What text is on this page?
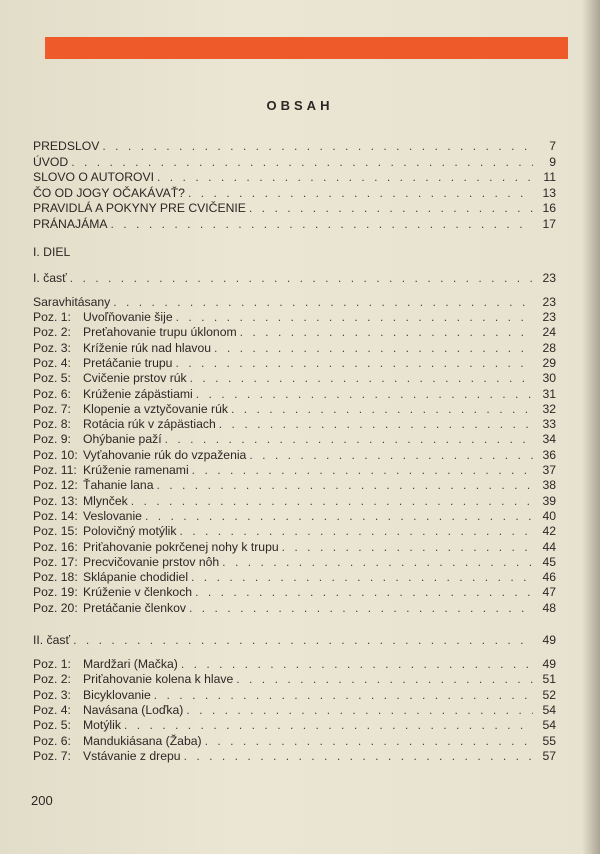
OBSAH
PREDSLOV . . .	7
ÚVOD . . .	9
SLOVO O AUTOROVI . . .	11
ČO OD JOGY OČAKÁVAŤ? . . .	13
PRAVIDLÁ A POKYNY PRE CVIČENIE . . .	16
PRÁNAJÁMA . . .	17
I. DIEL
I. časť . . .	23
Saravhitásany . . .	23
Poz. 1: Uvoľňovanie šije . . .	23
Poz. 2: Preťahovanie trupu úklonom . . .	24
Poz. 3: Kríženie rúk nad hlavou . . .	28
Poz. 4: Pretáčanie trupu . . .	29
Poz. 5: Cvičenie prstov rúk . . .	30
Poz. 6: Krúženie zápästiami . . .	31
Poz. 7: Klopenie a vztyčovanie rúk . . .	32
Poz. 8: Rotácia rúk v zápästiach . . .	33
Poz. 9: Ohýbanie paží . . .	34
Poz. 10: Vyťahovanie rúk do vzpaženia . . .	36
Poz. 11: Krúženie ramenami . . .	37
Poz. 12: Ťahanie lana . . .	38
Poz. 13: Mlynček . . .	39
Poz. 14: Veslovanie . . .	40
Poz. 15: Polovičný motýlik . . .	42
Poz. 16: Priťahovanie pokrčenej nohy k trupu . . .	44
Poz. 17: Precvičovanie prstov nôh . . .	45
Poz. 18: Sklápanie chodidiel . . .	46
Poz. 19: Krúženie v členkoch . . .	47
Poz. 20: Pretáčanie členkov . . .	48
II. časť . . .	49
Poz. 1: Mardžari (Mačka) . . .	49
Poz. 2: Priťahovanie kolena k hlave . . .	51
Poz. 3: Bicyklovanie . . .	52
Poz. 4: Navásana (Loďka) . . .	54
Poz. 5: Motýlik . . .	54
Poz. 6: Mandukiásana (Žaba) . . .	55
Poz. 7: Vstávanie z drepu . . .	57
200
